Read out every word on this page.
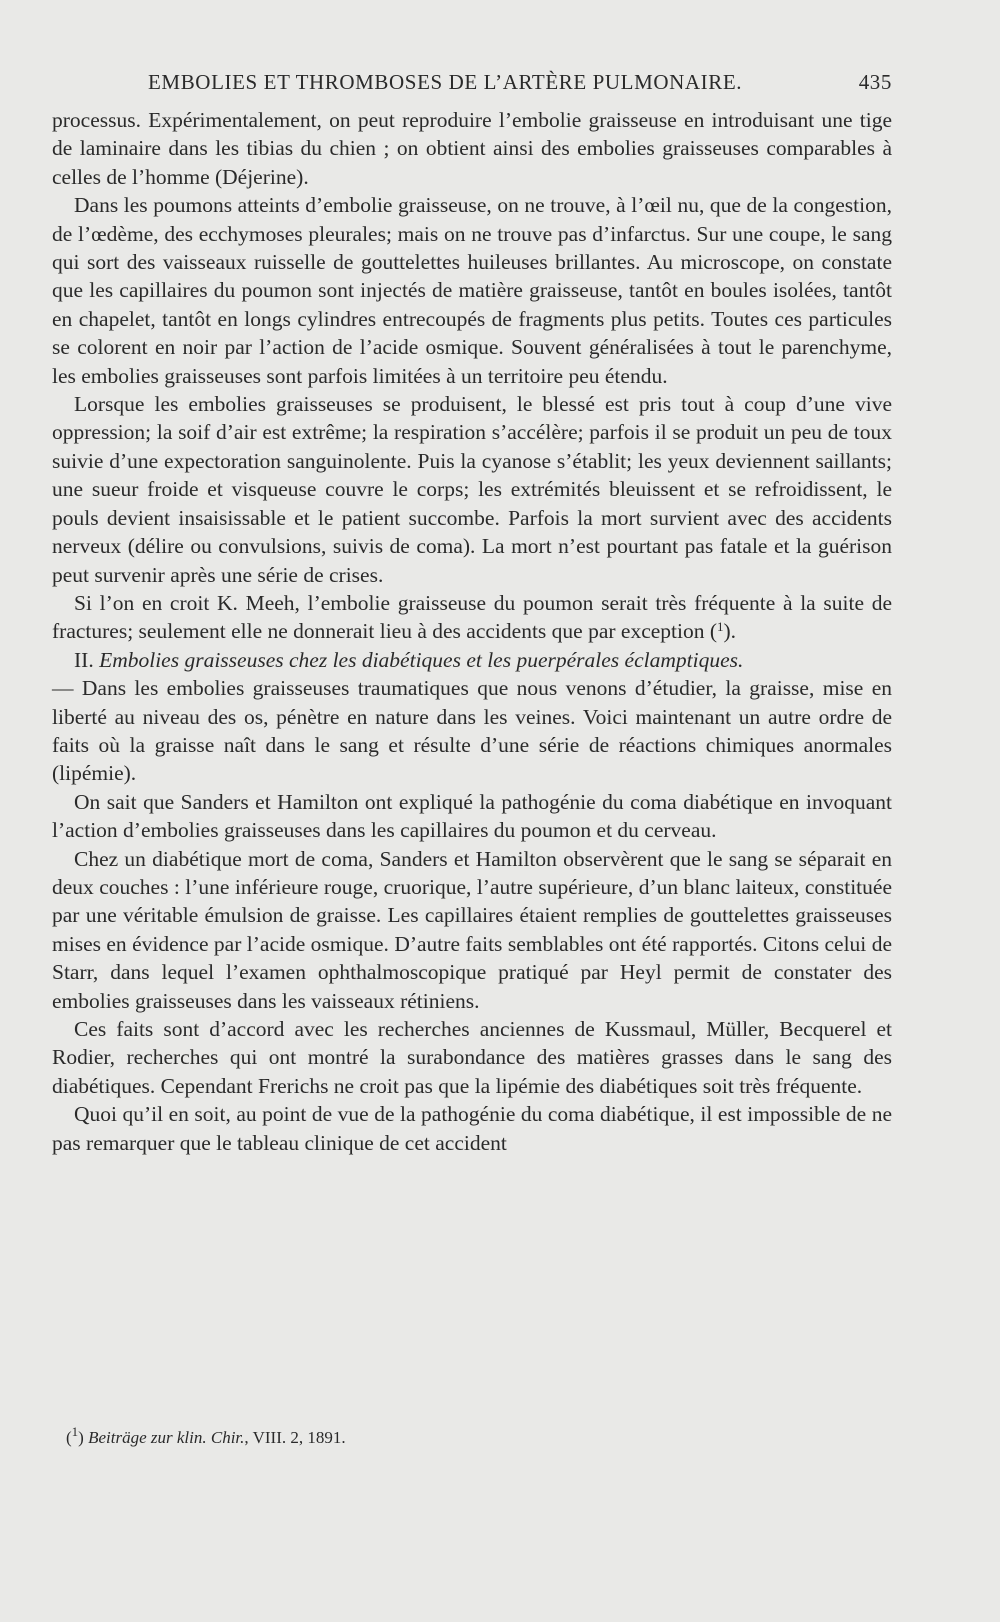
EMBOLIES ET THROMBOSES DE L’ARTÈRE PULMONAIRE.	435

processus. Expérimentalement, on peut reproduire l’embolie graisseuse en introduisant une tige de laminaire dans les tibias du chien ; on obtient ainsi des embolies graisseuses comparables à celles de l’homme (Déjerine).

Dans les poumons atteints d’embolie graisseuse, on ne trouve, à l’œil nu, que de la congestion, de l’œdème, des ecchymoses pleurales; mais on ne trouve pas d’infarctus. Sur une coupe, le sang qui sort des vaisseaux ruisselle de gouttelettes huileuses brillantes. Au microscope, on constate que les capillaires du poumon sont injectés de matière graisseuse, tantôt en boules isolées, tantôt en chapelet, tantôt en longs cylindres entrecoupés de fragments plus petits. Toutes ces particules se colorent en noir par l’action de l’acide osmique. Souvent généralisées à tout le parenchyme, les embolies graisseuses sont parfois limitées à un territoire peu étendu.

Lorsque les embolies graisseuses se produisent, le blessé est pris tout à coup d’une vive oppression; la soif d’air est extrême; la respiration s’accélère; parfois il se produit un peu de toux suivie d’une expectoration sanguinolente. Puis la cyanose s’établit; les yeux deviennent saillants; une sueur froide et visqueuse couvre le corps; les extrémités bleuissent et se refroidissent, le pouls devient insaisissable et le patient succombe. Parfois la mort survient avec des accidents nerveux (délire ou convulsions, suivis de coma). La mort n’est pourtant pas fatale et la guérison peut survenir après une série de crises.

Si l’on en croit K. Meeh, l’embolie graisseuse du poumon serait très fréquente à la suite de fractures; seulement elle ne donnerait lieu à des accidents que par exception ($^1$).

II. Embolies graisseuses chez les diabétiques et les puerpérales éclamptiques.

— Dans les embolies graisseuses traumatiques que nous venons d’étudier, la graisse, mise en liberté au niveau des os, pénètre en nature dans les veines. Voici maintenant un autre ordre de faits où la graisse naît dans le sang et résulte d’une série de réactions chimiques anormales (lipémie).

On sait que Sanders et Hamilton ont expliqué la pathogénie du coma diabétique en invoquant l’action d’embolies graisseuses dans les capillaires du poumon et du cerveau.

Chez un diabétique mort de coma, Sanders et Hamilton observèrent que le sang se séparait en deux couches : l’une inférieure rouge, cruorique, l’autre supérieure, d’un blanc laiteux, constituée par une véritable émulsion de graisse. Les capillaires étaient remplies de gouttelettes graisseuses mises en évidence par l’acide osmique. D’autre faits semblables ont été rapportés. Citons celui de Starr, dans lequel l’examen ophthalmoscopique pratiqué par Heyl permit de constater des embolies graisseuses dans les vaisseaux rétiniens.

Ces faits sont d’accord avec les recherches anciennes de Kussmaul, Müller, Becquerel et Rodier, recherches qui ont montré la surabondance des matières grasses dans le sang des diabétiques. Cependant Frerichs ne croit pas que la lipémie des diabétiques soit très fréquente.

Quoi qu’il en soit, au point de vue de la pathogénie du coma diabétique, il est impossible de ne pas remarquer que le tableau clinique de cet accident

($^1$) Beiträge zur klin. Chir., VIII. 2, 1891.
